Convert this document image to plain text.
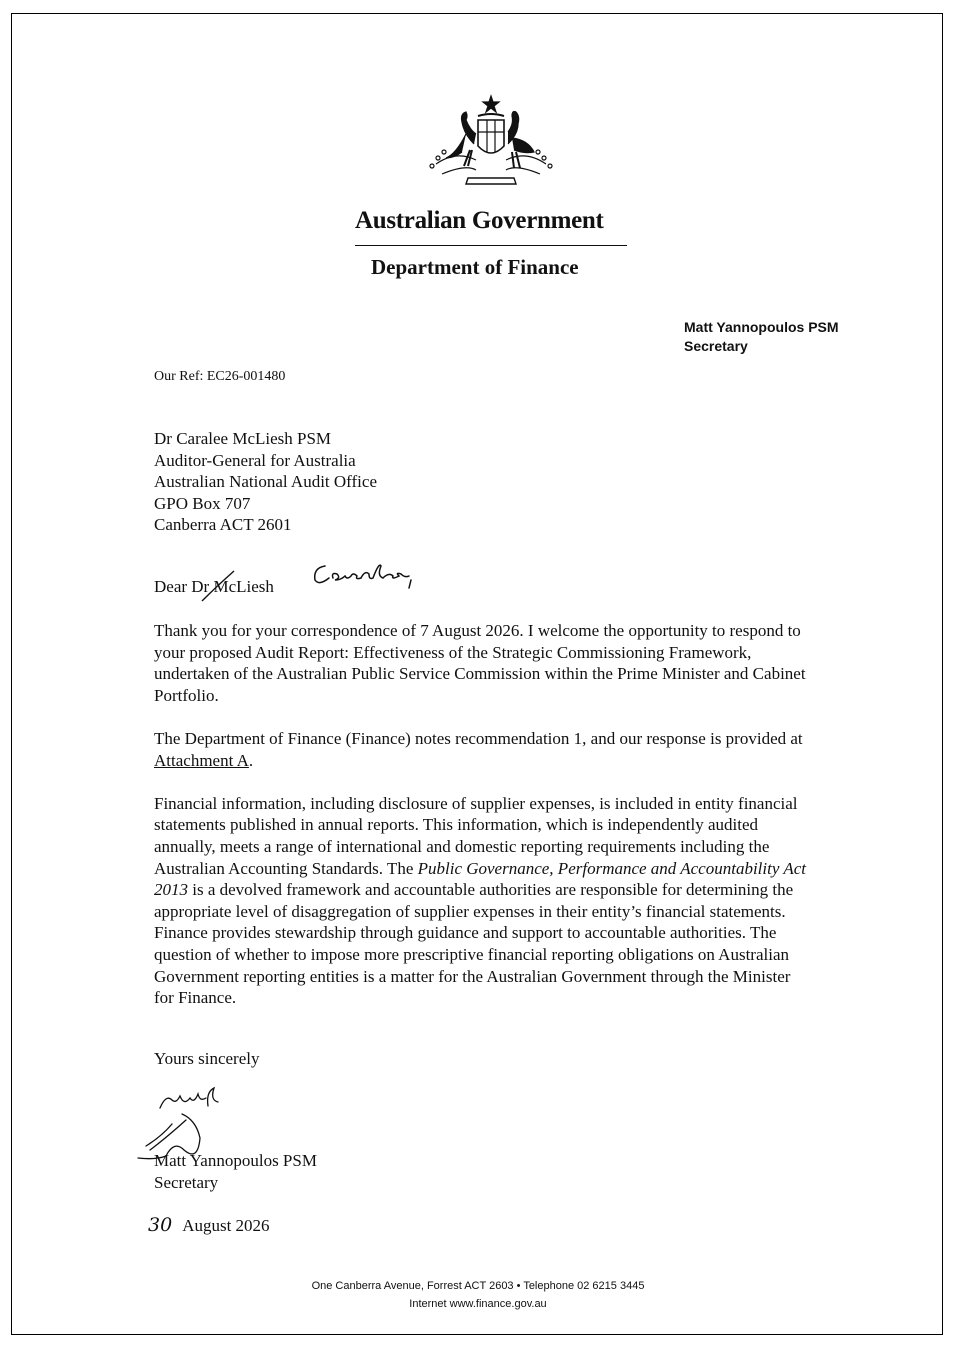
Australian Government
Department of Finance
Matt Yannopoulos PSM
Secretary
Our Ref: EC26-001480
Dr Caralee McLiesh PSM
Auditor-General for Australia
Australian National Audit Office
GPO Box 707
Canberra ACT 2601
Dear Dr McLiesh

Thank you for your correspondence of 7 August 2026. I welcome the opportunity to respond to your proposed Audit Report: Effectiveness of the Strategic Commissioning Framework, undertaken of the Australian Public Service Commission within the Prime Minister and Cabinet Portfolio.

The Department of Finance (Finance) notes recommendation 1, and our response is provided at Attachment A.

Financial information, including disclosure of supplier expenses, is included in entity financial statements published in annual reports. This information, which is independently audited annually, meets a range of international and domestic reporting requirements including the Australian Accounting Standards. The Public Governance, Performance and Accountability Act 2013 is a devolved framework and accountable authorities are responsible for determining the appropriate level of disaggregation of supplier expenses in their entity’s financial statements. Finance provides stewardship through guidance and support to accountable authorities. The question of whether to impose more prescriptive financial reporting obligations on Australian Government reporting entities is a matter for the Australian Government through the Minister for Finance.

Yours sincerely
Matt Yannopoulos PSM
Secretary
30 August 2026
One Canberra Avenue, Forrest ACT 2603 • Telephone 02 6215 3445
Internet www.finance.gov.au
